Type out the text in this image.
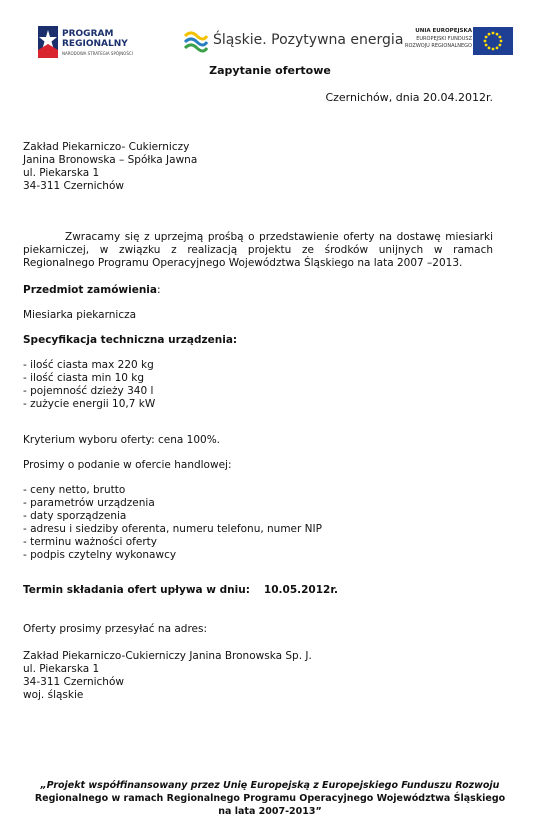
PROGRAM
REGIONALNY
NARODOWA STRATEGIA SPÓJNOŚCI
Śląskie. Pozytywna energia
UNIA EUROPEJSKA
EUROPEJSKI FUNDUSZ
ROZWOJU REGIONALNEGO
Zapytanie ofertowe
Czernichów, dnia 20.04.2012r.
Zakład Piekarniczo- Cukierniczy
Janina Bronowska – Spółka Jawna
ul. Piekarska 1
34-311 Czernichów
Zwracamy się z uprzejmą prośbą o przedstawienie oferty na dostawę miesiarki piekarniczej, w związku z realizacją projektu ze środków unijnych w ramach Regionalnego Programu Operacyjnego Województwa Śląskiego na lata 2007 –2013.
Przedmiot zamówienia:
Miesiarka piekarnicza
Specyfikacja techniczna urządzenia:
- ilość ciasta max 220 kg
- ilość ciasta min 10 kg
- pojemność dzieży 340 l
- zużycie energii 10,7 kW
Kryterium wyboru oferty: cena 100%.
Prosimy o podanie w ofercie handlowej:
- ceny netto, brutto
- parametrów urządzenia
- daty sporządzenia
- adresu i siedziby oferenta, numeru telefonu, numer NIP
- terminu ważności oferty
- podpis czytelny wykonawcy
Termin składania ofert upływa w dniu: 10.05.2012r.
Oferty prosimy przesyłać na adres:
Zakład Piekarniczo-Cukierniczy Janina Bronowska Sp. J.
ul. Piekarska 1
34-311 Czernichów
woj. śląskie
„Projekt współfinansowany przez Unię Europejską z Europejskiego Funduszu Rozwoju
Regionalnego w ramach Regionalnego Programu Operacyjnego Województwa Śląskiego
na lata 2007-2013”
